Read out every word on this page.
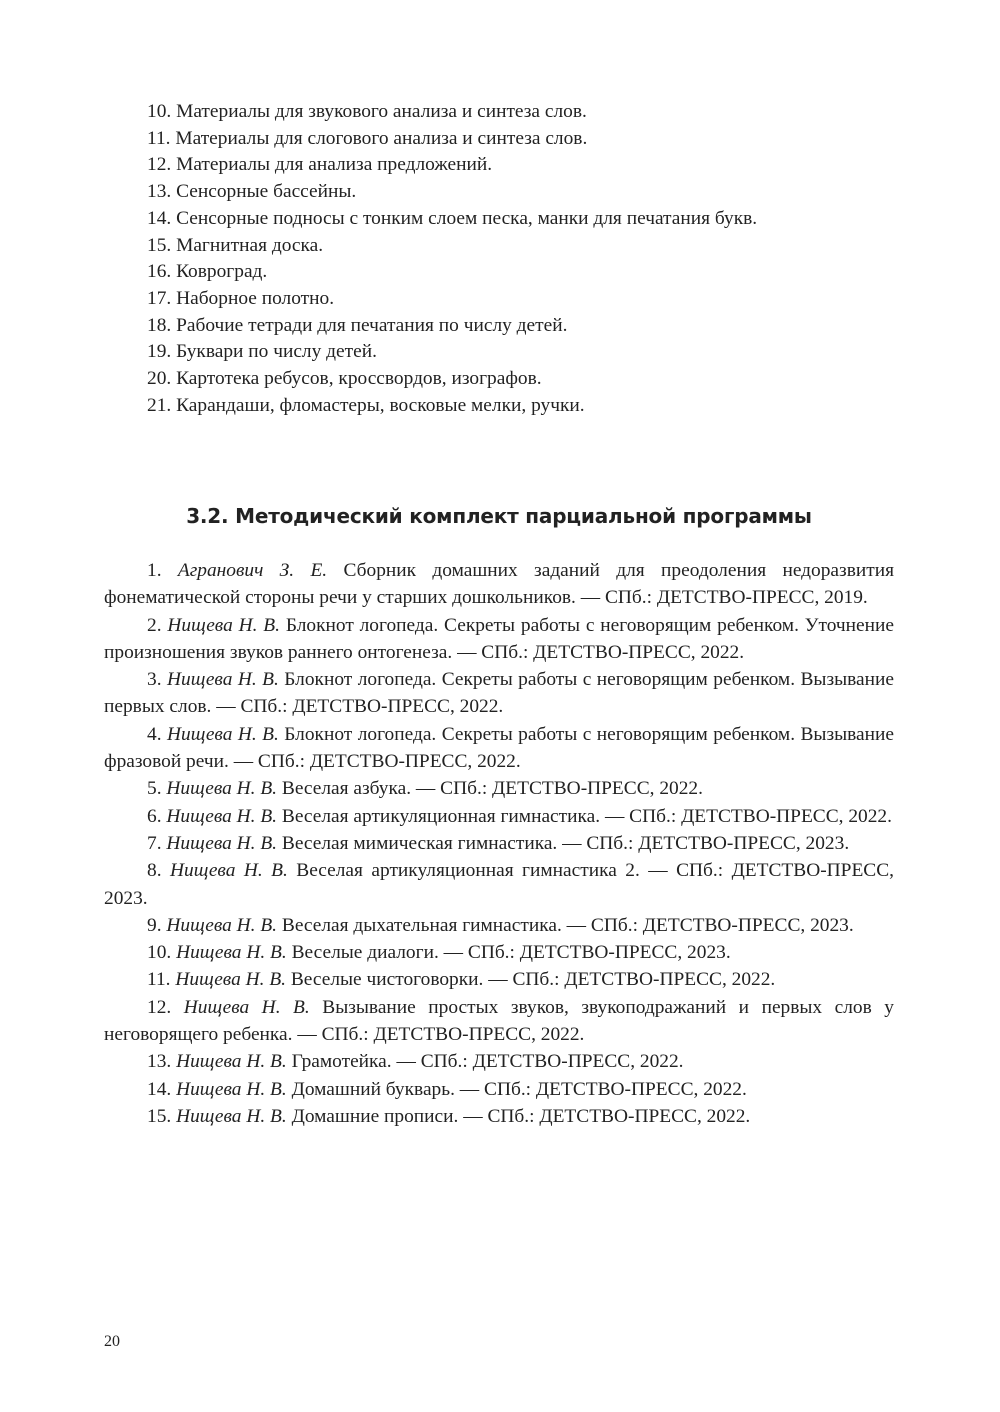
10. Материалы для звукового анализа и синтеза слов.
11. Материалы для слогового анализа и синтеза слов.
12. Материалы для анализа предложений.
13. Сенсорные бассейны.
14. Сенсорные подносы с тонким слоем песка, манки для печатания букв.
15. Магнитная доска.
16. Ковроград.
17. Наборное полотно.
18. Рабочие тетради для печатания по числу детей.
19. Буквари по числу детей.
20. Картотека ребусов, кроссвордов, изографов.
21. Карандаши, фломастеры, восковые мелки, ручки.
3.2. Методический комплект парциальной программы

1. Агранович З. Е. Сборник домашних заданий для преодоления недоразвития фонематической стороны речи у старших дошкольников. — СПб.: ДЕТСТВО-ПРЕСС, 2019.

2. Нищева Н. В. Блокнот логопеда. Секреты работы с неговорящим ребенком. Уточнение произношения звуков раннего онтогенеза. — СПб.: ДЕТСТВО-ПРЕСС, 2022.

3. Нищева Н. В. Блокнот логопеда. Секреты работы с неговорящим ребенком. Вызывание первых слов. — СПб.: ДЕТСТВО-ПРЕСС, 2022.

4. Нищева Н. В. Блокнот логопеда. Секреты работы с неговорящим ребенком. Вызывание фразовой речи. — СПб.: ДЕТСТВО-ПРЕСС, 2022.

5. Нищева Н. В. Веселая азбука. — СПб.: ДЕТСТВО-ПРЕСС, 2022.

6. Нищева Н. В. Веселая артикуляционная гимнастика. — СПб.: ДЕТСТВО-ПРЕСС, 2022.

7. Нищева Н. В. Веселая мимическая гимнастика. — СПб.: ДЕТСТВО-ПРЕСС, 2023.

8. Нищева Н. В. Веселая артикуляционная гимнастика 2. — СПб.: ДЕТСТВО-ПРЕСС, 2023.

9. Нищева Н. В. Веселая дыхательная гимнастика. — СПб.: ДЕТСТВО-ПРЕСС, 2023.

10. Нищева Н. В. Веселые диалоги. — СПб.: ДЕТСТВО-ПРЕСС, 2023.

11. Нищева Н. В. Веселые чистоговорки. — СПб.: ДЕТСТВО-ПРЕСС, 2022.

12. Нищева Н. В. Вызывание простых звуков, звукоподражаний и первых слов у неговорящего ребенка. — СПб.: ДЕТСТВО-ПРЕСС, 2022.

13. Нищева Н. В. Грамотейка. — СПб.: ДЕТСТВО-ПРЕСС, 2022.

14. Нищева Н. В. Домашний букварь. — СПб.: ДЕТСТВО-ПРЕСС, 2022.

15. Нищева Н. В. Домашние прописи. — СПб.: ДЕТСТВО-ПРЕСС, 2022.

20
